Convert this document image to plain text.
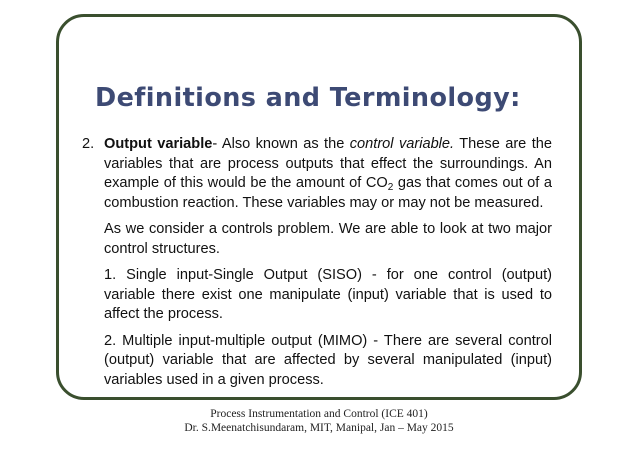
Definitions and Terminology:
2. Output variable- Also known as the control variable. These are the variables that are process outputs that effect the surroundings. An example of this would be the amount of $CO_2$ gas that comes out of a combustion reaction. These variables may or may not be measured.
As we consider a controls problem. We are able to look at two major control structures.
1. Single input-Single Output (SISO) - for one control (output) variable there exist one manipulate (input) variable that is used to affect the process.
2. Multiple input-multiple output (MIMO) - There are several control (output) variable that are affected by several manipulated (input) variables used in a given process.
Process Instrumentation and Control (ICE 401)
Dr. S.Meenatchisundaram, MIT, Manipal, Jan – May 2015
